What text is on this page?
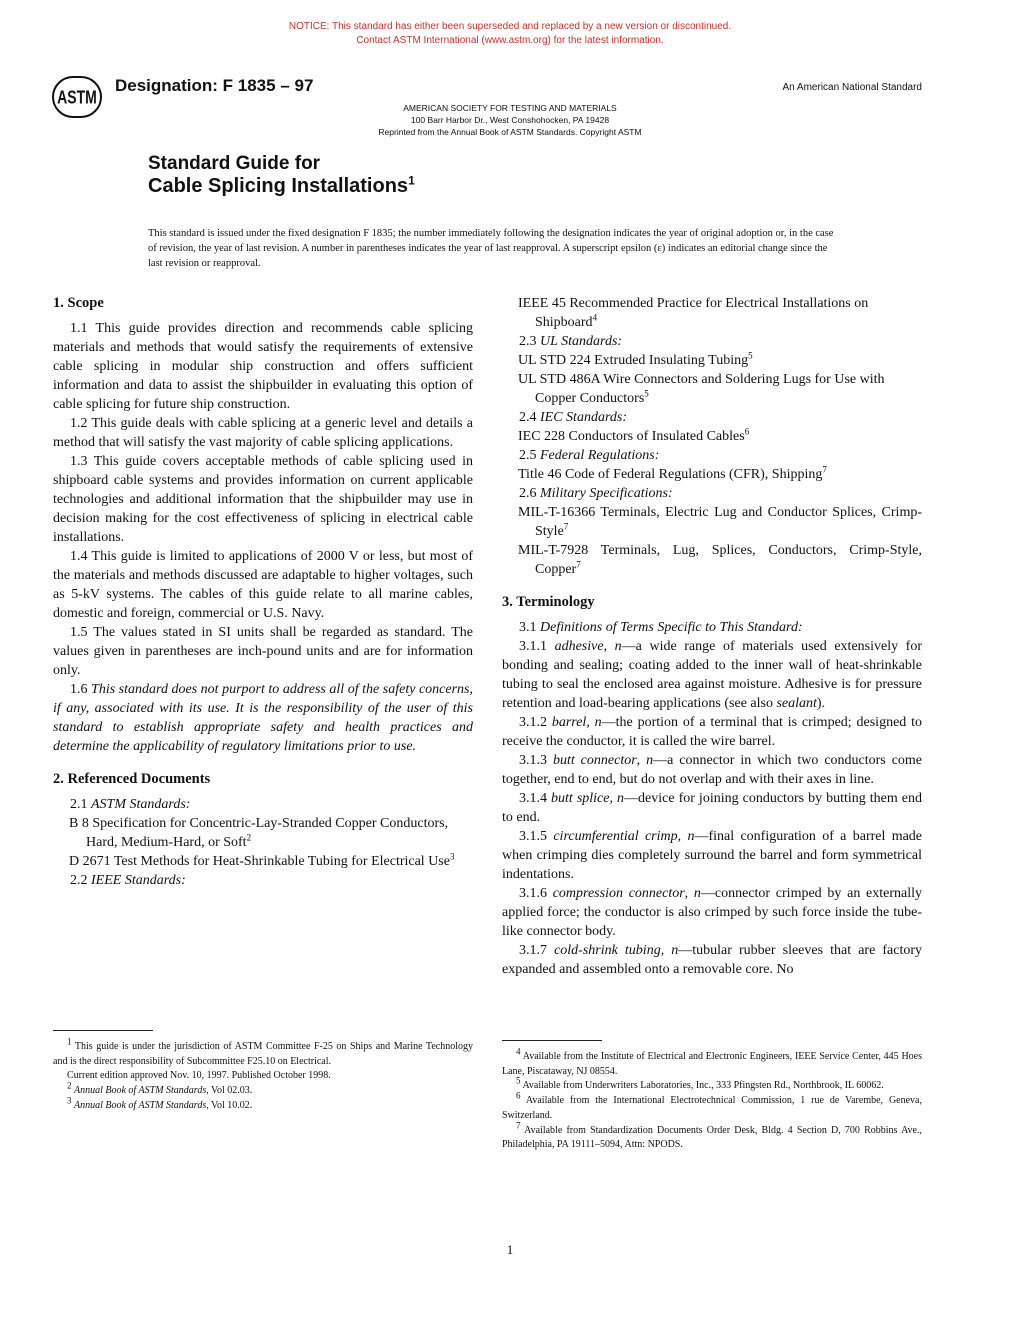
NOTICE: This standard has either been superseded and replaced by a new version or discontinued.
Contact ASTM International (www.astm.org) for the latest information.
ASTM
Designation: F 1835 – 97	An American National Standard
AMERICAN SOCIETY FOR TESTING AND MATERIALS
100 Barr Harbor Dr., West Conshohocken, PA 19428
Reprinted from the Annual Book of ASTM Standards. Copyright ASTM
Standard Guide for
Cable Splicing Installations$^1$
This standard is issued under the fixed designation F 1835; the number immediately following the designation indicates the year of original adoption or, in the case of revision, the year of last revision. A number in parentheses indicates the year of last reapproval. A superscript epsilon (ε) indicates an editorial change since the last revision or reapproval.

1. Scope

1.1 This guide provides direction and recommends cable splicing materials and methods that would satisfy the requirements of extensive cable splicing in modular ship construction and offers sufficient information and data to assist the shipbuilder in evaluating this option of cable splicing for future ship construction.

1.2 This guide deals with cable splicing at a generic level and details a method that will satisfy the vast majority of cable splicing applications.

1.3 This guide covers acceptable methods of cable splicing used in shipboard cable systems and provides information on current applicable technologies and additional information that the shipbuilder may use in decision making for the cost effectiveness of splicing in electrical cable installations.

1.4 This guide is limited to applications of 2000 V or less, but most of the materials and methods discussed are adaptable to higher voltages, such as 5-kV systems. The cables of this guide relate to all marine cables, domestic and foreign, commercial or U.S. Navy.

1.5 The values stated in SI units shall be regarded as standard. The values given in parentheses are inch-pound units and are for information only.

1.6 This standard does not purport to address all of the safety concerns, if any, associated with its use. It is the responsibility of the user of this standard to establish appropriate safety and health practices and determine the applicability of regulatory limitations prior to use.

2. Referenced Documents

2.1 ASTM Standards:

B 8 Specification for Concentric-Lay-Stranded Copper Conductors, Hard, Medium-Hard, or Soft$^2$

D 2671 Test Methods for Heat-Shrinkable Tubing for Electrical Use$^3$

2.2 IEEE Standards:

$^1$ This guide is under the jurisdiction of ASTM Committee F-25 on Ships and Marine Technology and is the direct responsibility of Subcommittee F25.10 on Electrical.

Current edition approved Nov. 10, 1997. Published October 1998.

$^2$ Annual Book of ASTM Standards, Vol 02.03.

$^3$ Annual Book of ASTM Standards, Vol 10.02.

IEEE 45 Recommended Practice for Electrical Installations on Shipboard$^4$

2.3 UL Standards:

UL STD 224 Extruded Insulating Tubing$^5$

UL STD 486A Wire Connectors and Soldering Lugs for Use with Copper Conductors$^5$

2.4 IEC Standards:

IEC 228 Conductors of Insulated Cables$^6$

2.5 Federal Regulations:

Title 46 Code of Federal Regulations (CFR), Shipping$^7$

2.6 Military Specifications:

MIL-T-16366 Terminals, Electric Lug and Conductor Splices, Crimp-Style$^7$

MIL-T-7928 Terminals, Lug, Splices, Conductors, Crimp-Style, Copper$^7$

3. Terminology

3.1 Definitions of Terms Specific to This Standard:

3.1.1 adhesive, n—a wide range of materials used extensively for bonding and sealing; coating added to the inner wall of heat-shrinkable tubing to seal the enclosed area against moisture. Adhesive is for pressure retention and load-bearing applications (see also sealant).

3.1.2 barrel, n—the portion of a terminal that is crimped; designed to receive the conductor, it is called the wire barrel.

3.1.3 butt connector, n—a connector in which two conductors come together, end to end, but do not overlap and with their axes in line.

3.1.4 butt splice, n—device for joining conductors by butting them end to end.

3.1.5 circumferential crimp, n—final configuration of a barrel made when crimping dies completely surround the barrel and form symmetrical indentations.

3.1.6 compression connector, n—connector crimped by an externally applied force; the conductor is also crimped by such force inside the tube-like connector body.

3.1.7 cold-shrink tubing, n—tubular rubber sleeves that are factory expanded and assembled onto a removable core. No

$^4$ Available from the Institute of Electrical and Electronic Engineers, IEEE Service Center, 445 Hoes Lane, Piscataway, NJ 08554.

$^5$ Available from Underwriters Laboratories, Inc., 333 Pfingsten Rd., Northbrook, IL 60062.

$^6$ Available from the International Electrotechnical Commission, 1 rue de Varembe, Geneva, Switzerland.

$^7$ Available from Standardization Documents Order Desk, Bldg. 4 Section D, 700 Robbins Ave., Philadelphia, PA 19111–5094, Attn: NPODS.

1
